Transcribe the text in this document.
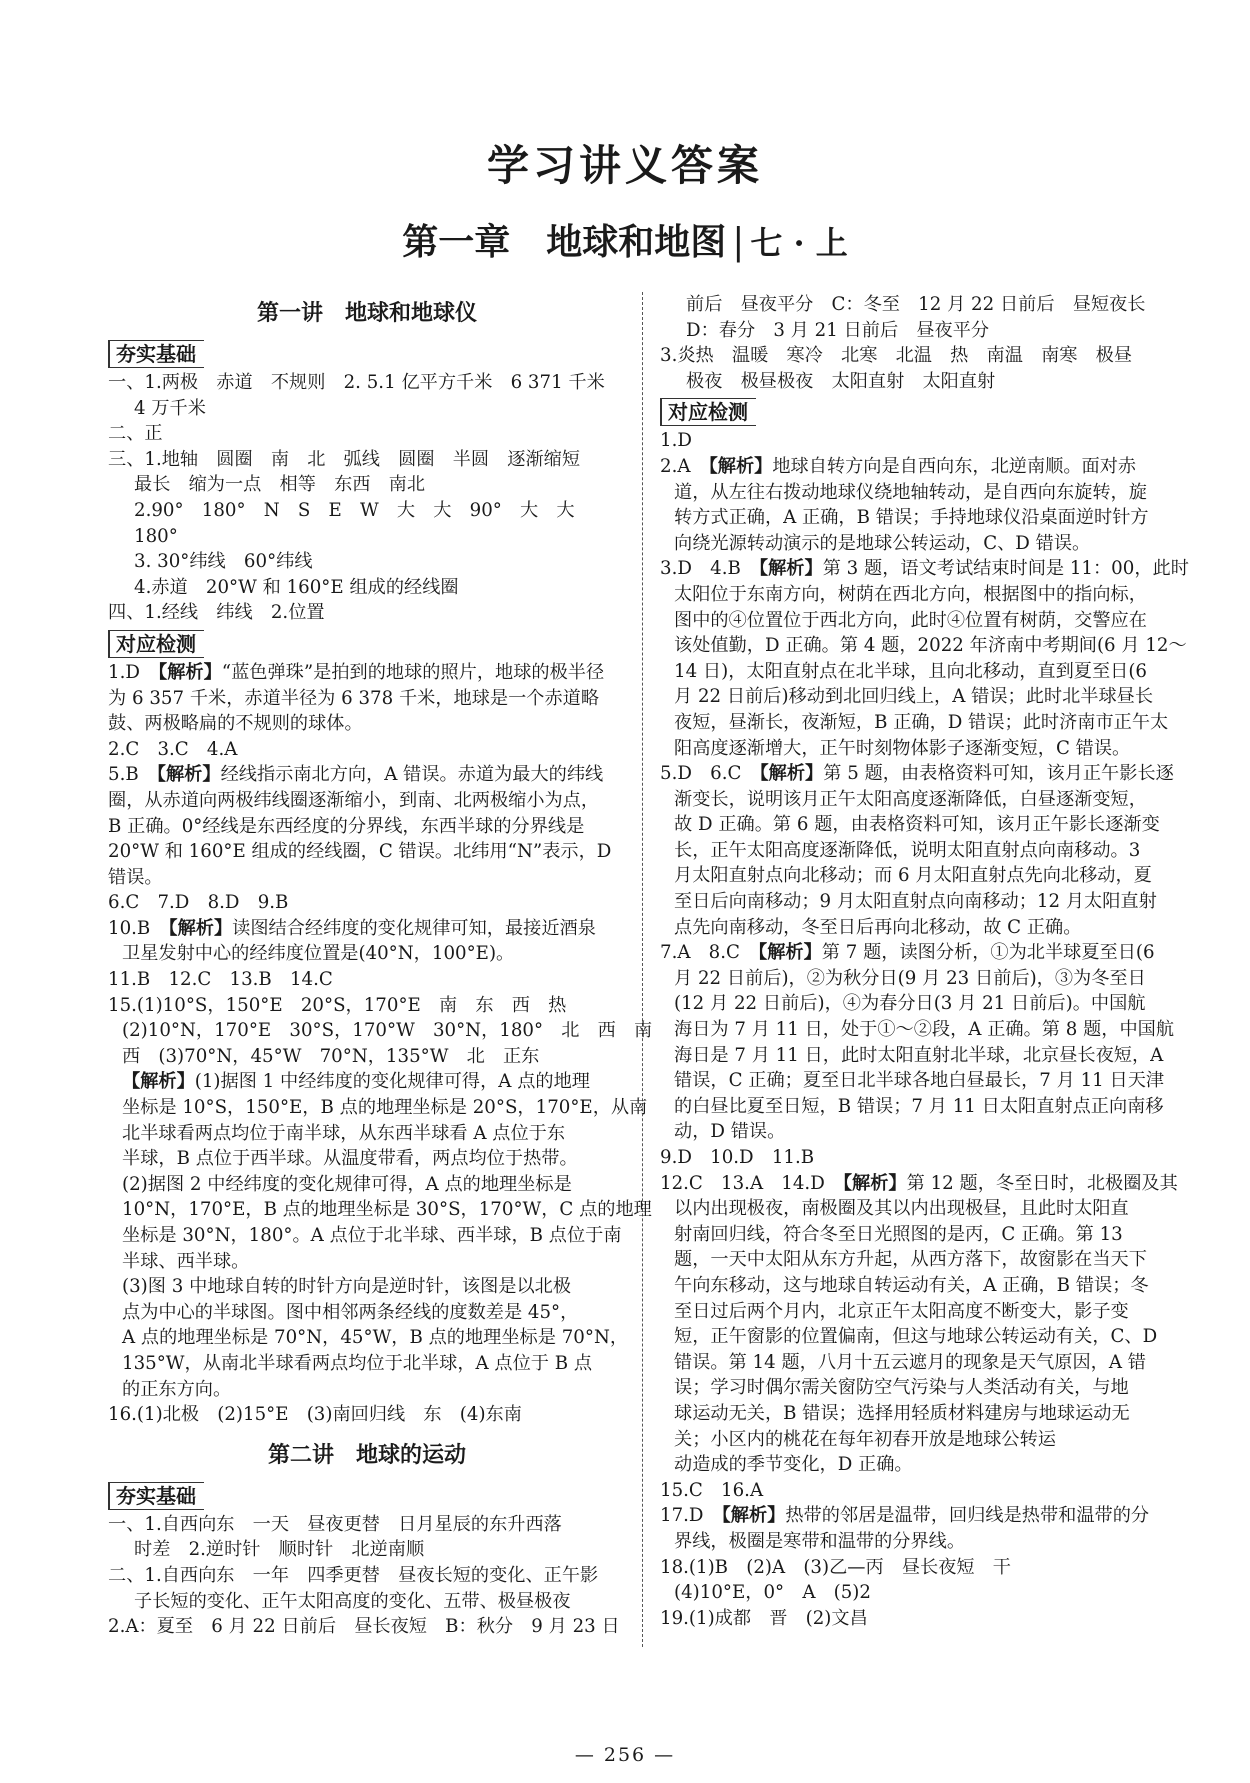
学习讲义答案
第一章　地球和地图 | 七 · 上
第一讲　地球和地球仪
夯实基础
一、1.两极　赤道　不规则　2. 5.1 亿平方千米　6 371 千米
4 万千米
二、正
三、1.地轴　圆圈　南　北　弧线　圆圈　半圆　逐渐缩短
最长　缩为一点　相等　东西　南北
2.90°　180°　N　S　E　W　大　大　90°　大　大
180°
3. 30°纬线　60°纬线
4.赤道　20°W 和 160°E 组成的经线圈
四、1.经线　纬线　2.位置
对应检测
1.D　【解析】“蓝色弹珠”是拍到的地球的照片，地球的极半径
为 6 357 千米，赤道半径为 6 378 千米，地球是一个赤道略
鼓、两极略扁的不规则的球体。
2.C　3.C　4.A
5.B　【解析】经线指示南北方向，A 错误。赤道为最大的纬线
圈，从赤道向两极纬线圈逐渐缩小，到南、北两极缩小为点，
B 正确。0°经线是东西经度的分界线，东西半球的分界线是
20°W 和 160°E 组成的经线圈，C 错误。北纬用“N”表示，D
错误。
6.C　7.D　8.D　9.B
10.B　【解析】读图结合经纬度的变化规律可知，最接近酒泉
卫星发射中心的经纬度位置是(40°N，100°E)。
11.B　12.C　13.B　14.C
15.(1)10°S，150°E　20°S，170°E　南　东　西　热
(2)10°N，170°E　30°S，170°W　30°N，180°　北　西　南
西　(3)70°N，45°W　70°N，135°W　北　正东
【解析】(1)据图 1 中经纬度的变化规律可得，A 点的地理
坐标是 10°S，150°E，B 点的地理坐标是 20°S，170°E，从南
北半球看两点均位于南半球，从东西半球看 A 点位于东
半球，B 点位于西半球。从温度带看，两点均位于热带。
(2)据图 2 中经纬度的变化规律可得，A 点的地理坐标是
10°N，170°E，B 点的地理坐标是 30°S，170°W，C 点的地理
坐标是 30°N，180°。A 点位于北半球、西半球，B 点位于南
半球、西半球。
(3)图 3 中地球自转的时针方向是逆时针，该图是以北极
点为中心的半球图。图中相邻两条经线的度数差是 45°，
A 点的地理坐标是 70°N，45°W，B 点的地理坐标是 70°N，
135°W，从南北半球看两点均位于北半球，A 点位于 B 点
的正东方向。
16.(1)北极　(2)15°E　(3)南回归线　东　(4)东南
第二讲　地球的运动
夯实基础
一、1.自西向东　一天　昼夜更替　日月星辰的东升西落
时差　2.逆时针　顺时针　北逆南顺
二、1.自西向东　一年　四季更替　昼夜长短的变化、正午影
子长短的变化、正午太阳高度的变化、五带、极昼极夜
2.A：夏至　6 月 22 日前后　昼长夜短　B：秋分　9 月 23 日
前后　昼夜平分　C：冬至　12 月 22 日前后　昼短夜长
D：春分　3 月 21 日前后　昼夜平分
3.炎热　温暖　寒冷　北寒　北温　热　南温　南寒　极昼
极夜　极昼极夜　太阳直射　太阳直射
对应检测
1.D
2.A　【解析】地球自转方向是自西向东，北逆南顺。面对赤
道，从左往右拨动地球仪绕地轴转动，是自西向东旋转，旋
转方式正确，A 正确，B 错误；手持地球仪沿桌面逆时针方
向绕光源转动演示的是地球公转运动，C、D 错误。
3.D　4.B　【解析】第 3 题，语文考试结束时间是 11：00，此时
太阳位于东南方向，树荫在西北方向，根据图中的指向标，
图中的④位置位于西北方向，此时④位置有树荫，交警应在
该处值勤，D 正确。第 4 题，2022 年济南中考期间(6 月 12～
14 日)，太阳直射点在北半球，且向北移动，直到夏至日(6
月 22 日前后)移动到北回归线上，A 错误；此时北半球昼长
夜短，昼渐长，夜渐短，B 正确，D 错误；此时济南市正午太
阳高度逐渐增大，正午时刻物体影子逐渐变短，C 错误。
5.D　6.C　【解析】第 5 题，由表格资料可知，该月正午影长逐
渐变长，说明该月正午太阳高度逐渐降低，白昼逐渐变短，
故 D 正确。第 6 题，由表格资料可知，该月正午影长逐渐变
长，正午太阳高度逐渐降低，说明太阳直射点向南移动。3
月太阳直射点向北移动；而 6 月太阳直射点先向北移动，夏
至日后向南移动；9 月太阳直射点向南移动；12 月太阳直射
点先向南移动，冬至日后再向北移动，故 C 正确。
7.A　8.C　【解析】第 7 题，读图分析，①为北半球夏至日(6
月 22 日前后)，②为秋分日(9 月 23 日前后)，③为冬至日
(12 月 22 日前后)，④为春分日(3 月 21 日前后)。中国航
海日为 7 月 11 日，处于①～②段，A 正确。第 8 题，中国航
海日是 7 月 11 日，此时太阳直射北半球，北京昼长夜短，A
错误，C 正确；夏至日北半球各地白昼最长，7 月 11 日天津
的白昼比夏至日短，B 错误；7 月 11 日太阳直射点正向南移
动，D 错误。
9.D　10.D　11.B
12.C　13.A　14.D　【解析】第 12 题，冬至日时，北极圈及其
以内出现极夜，南极圈及其以内出现极昼，且此时太阳直
射南回归线，符合冬至日光照图的是丙，C 正确。第 13
题，一天中太阳从东方升起，从西方落下，故窗影在当天下
午向东移动，这与地球自转运动有关，A 正确，B 错误；冬
至日过后两个月内，北京正午太阳高度不断变大，影子变
短，正午窗影的位置偏南，但这与地球公转运动有关，C、D
错误。第 14 题，八月十五云遮月的现象是天气原因，A 错
误；学习时偶尔需关窗防空气污染与人类活动有关，与地
球运动无关，B 错误；选择用轻质材料建房与地球运动无
关；小区内的桃花在每年初春开放是地球公转运
动造成的季节变化，D 正确。
15.C　16.A
17.D　【解析】热带的邻居是温带，回归线是热带和温带的分
界线，极圈是寒带和温带的分界线。
18.(1)B　(2)A　(3)乙—丙　昼长夜短　干
(4)10°E，0°　A　(5)2
19.(1)成都　晋　(2)文昌
— 256 —
